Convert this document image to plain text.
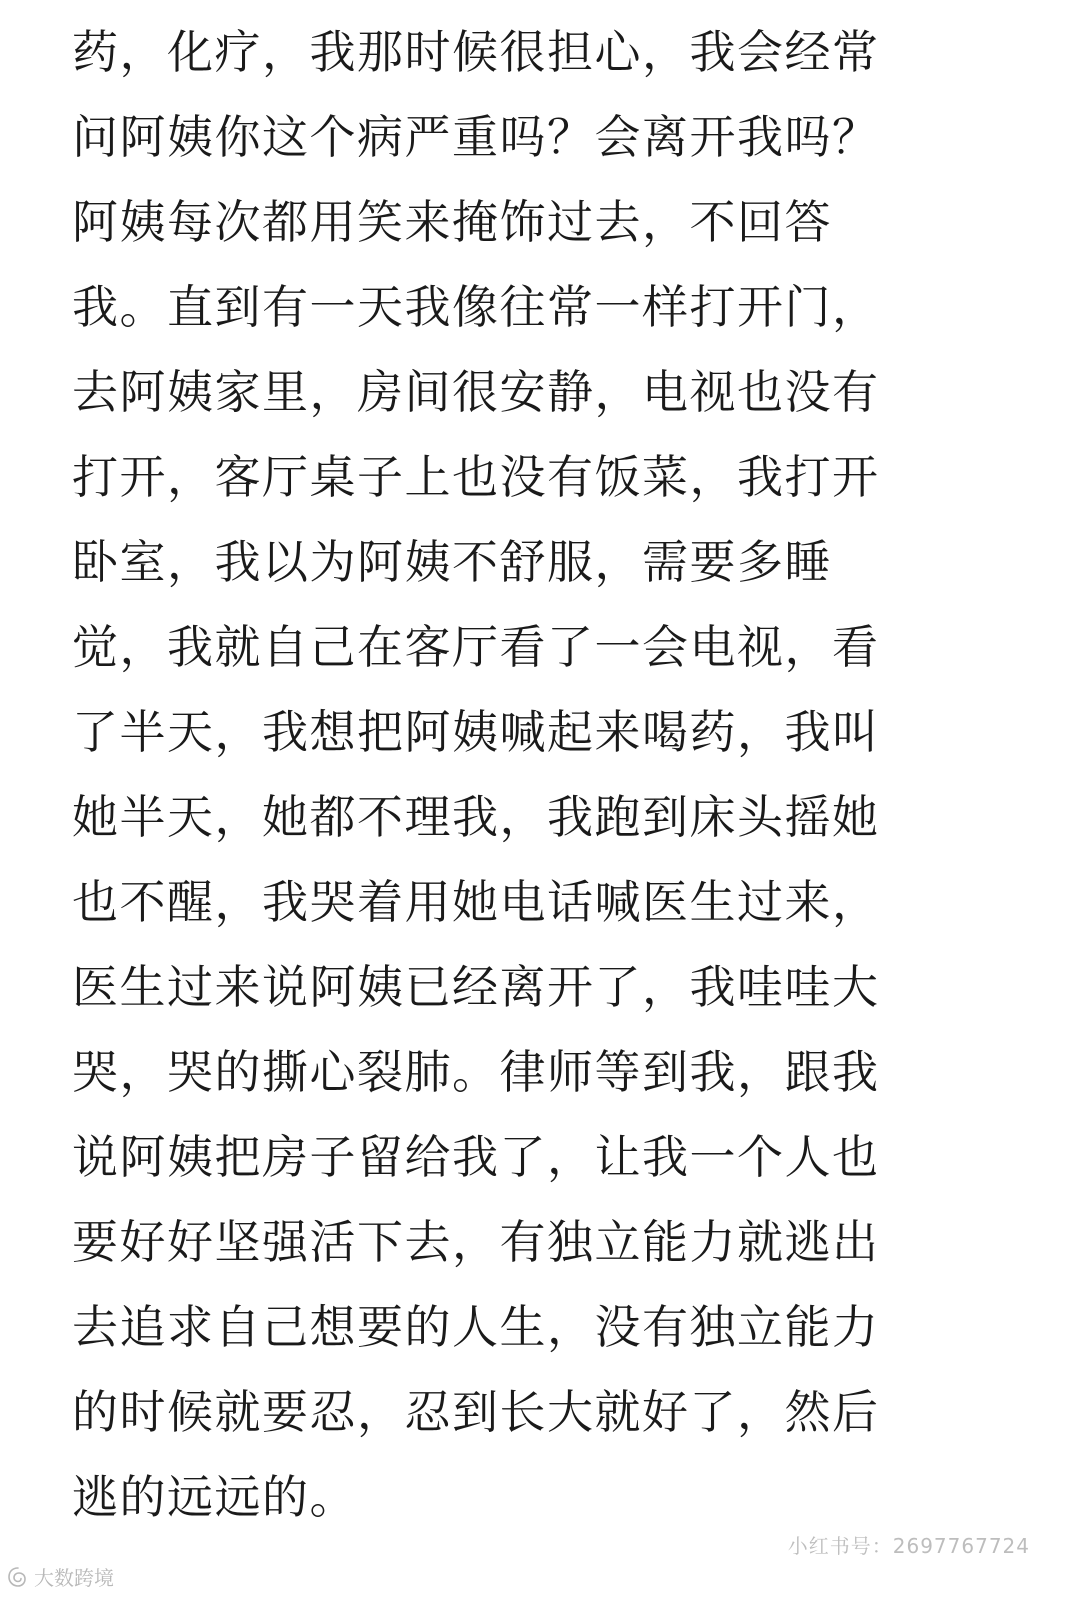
药，化疗，我那时候很担心，我会经常
问阿姨你这个病严重吗？会离开我吗？
阿姨每次都用笑来掩饰过去，不回答
我。直到有一天我像往常一样打开门，
去阿姨家里，房间很安静，电视也没有
打开，客厅桌子上也没有饭菜，我打开
卧室，我以为阿姨不舒服，需要多睡
觉，我就自己在客厅看了一会电视，看
了半天，我想把阿姨喊起来喝药，我叫
她半天，她都不理我，我跑到床头摇她
也不醒，我哭着用她电话喊医生过来，
医生过来说阿姨已经离开了，我哇哇大
哭，哭的撕心裂肺。律师等到我，跟我
说阿姨把房子留给我了，让我一个人也
要好好坚强活下去，有独立能力就逃出
去追求自己想要的人生，没有独立能力
的时候就要忍，忍到长大就好了，然后
逃的远远的。
小红书号：2697767724
大数跨境
